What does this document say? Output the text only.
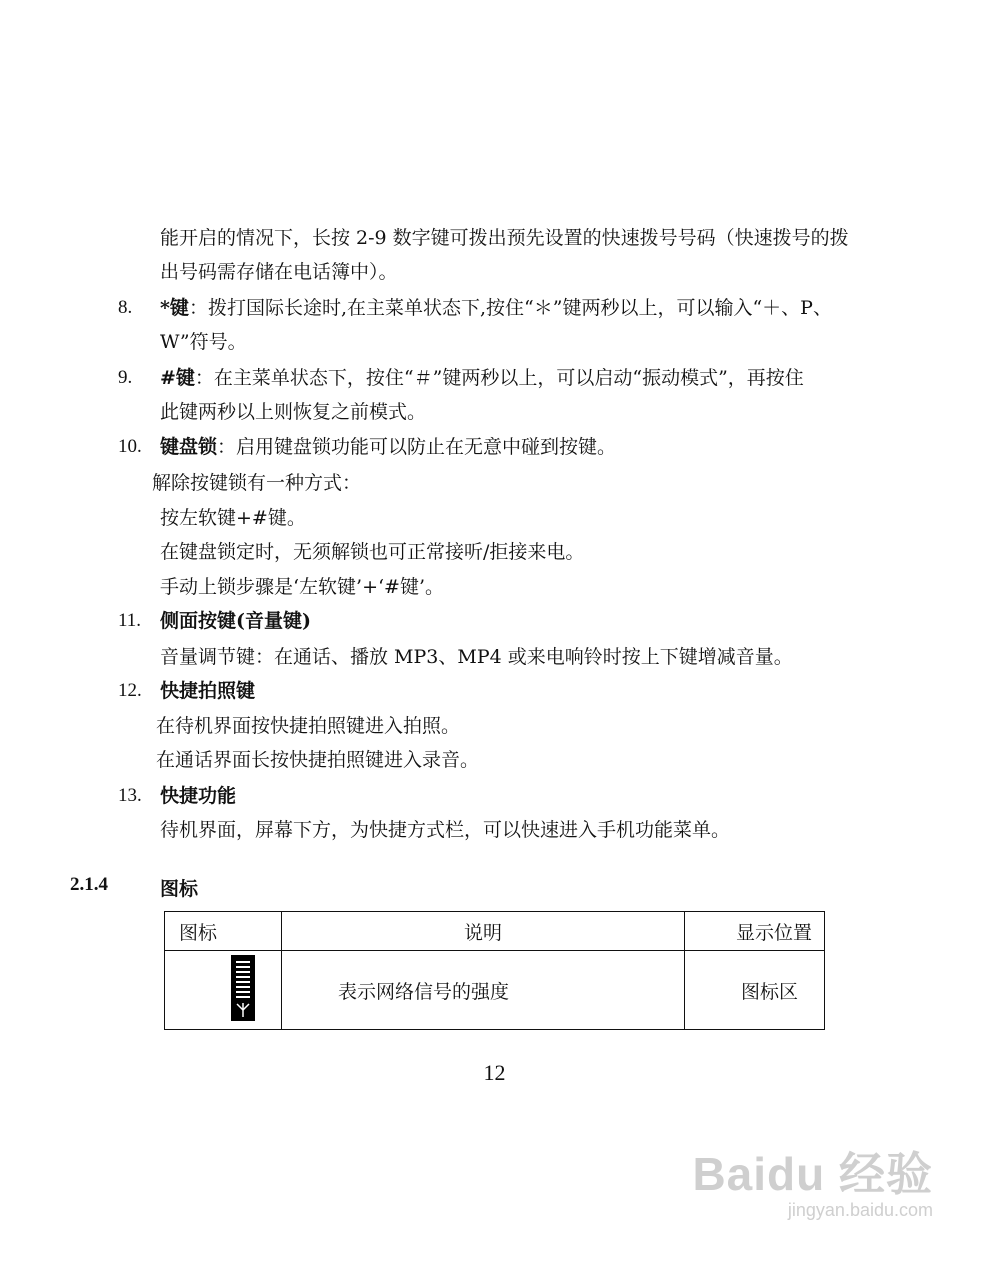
能开启的情况下，长按 2-9 数字键可拨出预先设置的快速拨号号码（快速拨号的拨
出号码需存储在电话簿中）。
8. *键：拨打国际长途时,在主菜单状态下,按住“＊”键两秒以上，可以输入“＋、P、
W”符号。
9. #键：在主菜单状态下，按住“＃”键两秒以上，可以启动“振动模式”，再按住
此键两秒以上则恢复之前模式。
10. 键盘锁：启用键盘锁功能可以防止在无意中碰到按键。
解除按键锁有一种方式：
按左软键+#键。
在键盘锁定时，无须解锁也可正常接听/拒接来电。
手动上锁步骤是‘左软键’+‘#键’。
11. 侧面按键(音量键)
音量调节键：在通话、播放 MP3、MP4 或来电响铃时按上下键增减音量。
12. 快捷拍照键
在待机界面按快捷拍照键进入拍照。
在通话界面长按快捷拍照键进入录音。
13. 快捷功能
待机界面，屏幕下方，为快捷方式栏，可以快速进入手机功能菜单。
2.1.4	图标
图标	说明	显示位置
	表示网络信号的强度	图标区
12
Baidu 经验
jingyan.baidu.com
